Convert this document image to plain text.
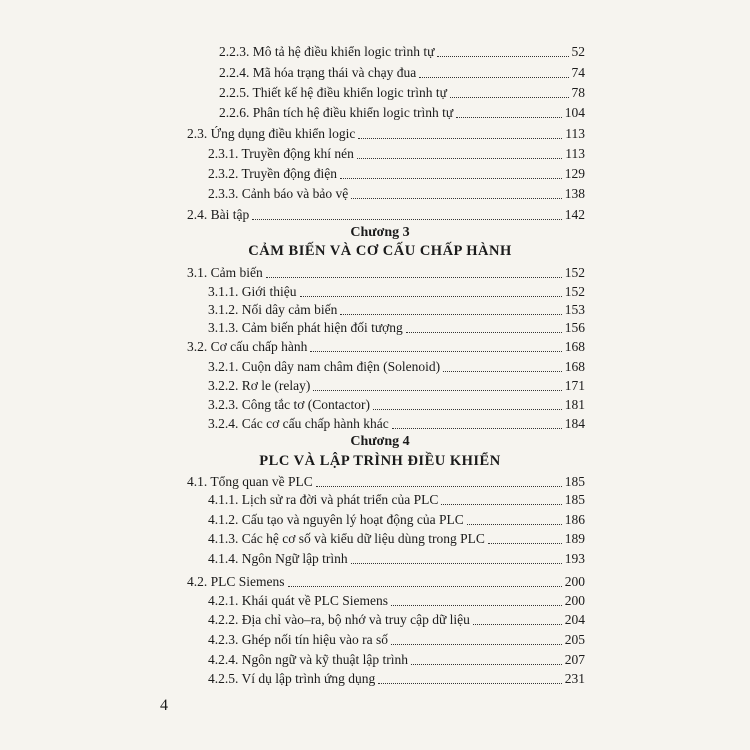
2.2.3. Mô tả hệ điều khiển logic trình tự	52
2.2.4. Mã hóa trạng thái và chạy đua	74
2.2.5. Thiết kế hệ điều khiển logic trình tự	78
2.2.6. Phân tích hệ điều khiển logic trình tự	104
2.3. Ứng dụng điều khiển logic	113
2.3.1. Truyền động khí nén	113
2.3.2. Truyền động điện	129
2.3.3. Cảnh báo và bảo vệ	138
2.4. Bài tập	142
Chương 3
CẢM BIẾN VÀ CƠ CẤU CHẤP HÀNH
3.1. Cảm biến	152
3.1.1. Giới thiệu	152
3.1.2. Nối dây cảm biến	153
3.1.3. Cảm biến phát hiện đối tượng	156
3.2. Cơ cấu chấp hành	168
3.2.1. Cuộn dây nam châm điện (Solenoid)	168
3.2.2. Rơ le (relay)	171
3.2.3. Công tắc tơ (Contactor)	181
3.2.4. Các cơ cấu chấp hành khác	184
Chương 4
PLC VÀ LẬP TRÌNH ĐIỀU KHIỂN
4.1. Tổng quan về PLC	185
4.1.1. Lịch sử ra đời và phát triển của PLC	185
4.1.2. Cấu tạo và nguyên lý hoạt động của PLC	186
4.1.3. Các hệ cơ số và kiểu dữ liệu dùng trong PLC	189
4.1.4. Ngôn Ngữ lập trình	193
4.2. PLC Siemens	200
4.2.1. Khái quát về PLC Siemens	200
4.2.2. Địa chỉ vào–ra, bộ nhớ và truy cập dữ liệu	204
4.2.3. Ghép nối tín hiệu vào ra số	205
4.2.4. Ngôn ngữ và kỹ thuật lập trình	207
4.2.5. Ví dụ lập trình ứng dụng	231
4
